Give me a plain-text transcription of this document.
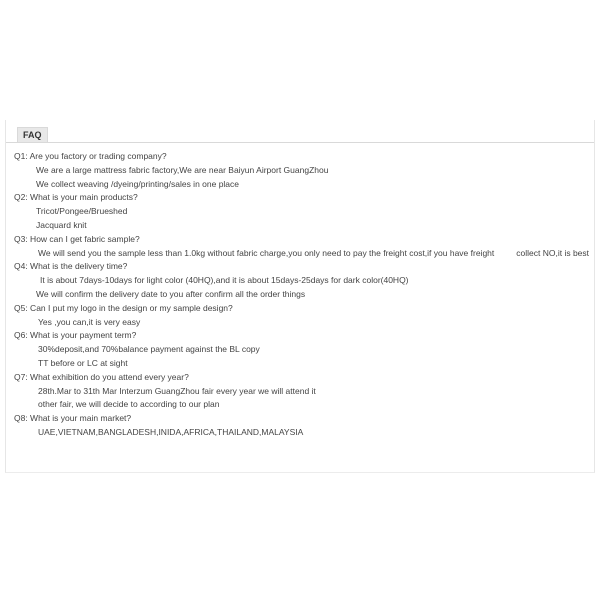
FAQ
Q1: Are you factory or trading company?
We are a large mattress fabric factory,We are near Baiyun Airport GuangZhou
We collect weaving /dyeing/printing/sales in one place
Q2: What is your main products?
Tricot/Pongee/Brueshed
Jacquard knit
Q3: How can I get fabric sample?
We will send you the sample less than 1.0kg without fabric charge,you only need to pay the freight cost,if you have freight	collect NO,it is best
Q4: What is the delivery time?
It is about 7days-10days for light color (40HQ),and it is about 15days-25days for dark color(40HQ)
We will confirm the delivery date to you after confirm all the order things
Q5: Can I put my logo in the design or my sample design?
Yes ,you can,it is very easy
Q6: What is your payment term?
30%deposit,and 70%balance payment against the BL copy
TT before or LC at sight
Q7: What exhibition do you attend every year?
28th.Mar to 31th Mar Interzum GuangZhou fair every year we will attend it
other fair, we will decide to according to our plan
Q8: What is your main market?
UAE,VIETNAM,BANGLADESH,INIDA,AFRICA,THAILAND,MALAYSIA
